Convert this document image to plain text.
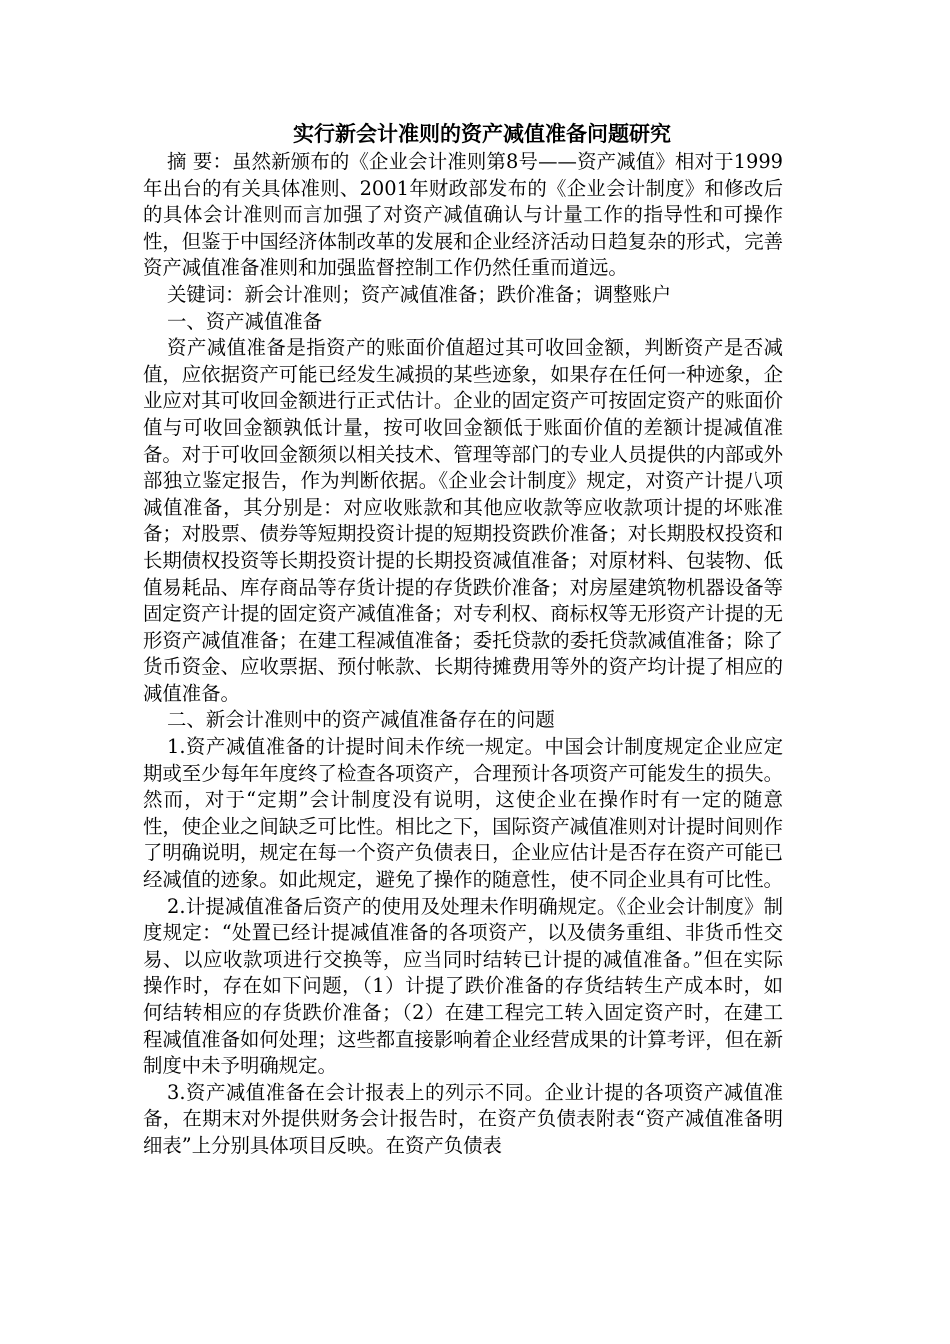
实行新会计准则的资产减值准备问题研究

摘 要：虽然新颁布的《企业会计准则第8号——资产减值》相对于1999年出台的有关具体准则、2001年财政部发布的《企业会计制度》和修改后的具体会计准则而言加强了对资产减值确认与计量工作的指导性和可操作性，但鉴于中国经济体制改革的发展和企业经济活动日趋复杂的形式，完善资产减值准备准则和加强监督控制工作仍然任重而道远。

关键词：新会计准则；资产减值准备；跌价准备；调整账户

一、资产减值准备

资产减值准备是指资产的账面价值超过其可收回金额，判断资产是否减值，应依据资产可能已经发生减损的某些迹象，如果存在任何一种迹象，企业应对其可收回金额进行正式估计。企业的固定资产可按固定资产的账面价值与可收回金额孰低计量，按可收回金额低于账面价值的差额计提减值准备。对于可收回金额须以相关技术、管理等部门的专业人员提供的内部或外部独立鉴定报告，作为判断依据。《企业会计制度》规定，对资产计提八项减值准备，其分别是：对应收账款和其他应收款等应收款项计提的坏账准备；对股票、债券等短期投资计提的短期投资跌价准备；对长期股权投资和长期债权投资等长期投资计提的长期投资减值准备；对原材料、包装物、低值易耗品、库存商品等存货计提的存货跌价准备；对房屋建筑物机器设备等固定资产计提的固定资产减值准备；对专利权、商标权等无形资产计提的无形资产减值准备；在建工程减值准备；委托贷款的委托贷款减值准备；除了货币资金、应收票据、预付帐款、长期待摊费用等外的资产均计提了相应的减值准备。

二、新会计准则中的资产减值准备存在的问题

1.资产减值准备的计提时间未作统一规定。中国会计制度规定企业应定期或至少每年年度终了检查各项资产，合理预计各项资产可能发生的损失。然而，对于“定期”会计制度没有说明，这使企业在操作时有一定的随意性，使企业之间缺乏可比性。相比之下，国际资产减值准则对计提时间则作了明确说明，规定在每一个资产负债表日，企业应估计是否存在资产可能已经减值的迹象。如此规定，避免了操作的随意性，使不同企业具有可比性。

2.计提减值准备后资产的使用及处理未作明确规定。《企业会计制度》制度规定：“处置已经计提减值准备的各项资产，以及债务重组、非货币性交易、以应收款项进行交换等，应当同时结转已计提的减值准备。”但在实际操作时，存在如下问题，（1）计提了跌价准备的存货结转生产成本时，如何结转相应的存货跌价准备；（2）在建工程完工转入固定资产时，在建工程减值准备如何处理；这些都直接影响着企业经营成果的计算考评，但在新制度中未予明确规定。

3.资产减值准备在会计报表上的列示不同。企业计提的各项资产减值准备，在期末对外提供财务会计报告时，在资产负债表附表“资产减值准备明细表”上分别具体项目反映。在资产负债表
